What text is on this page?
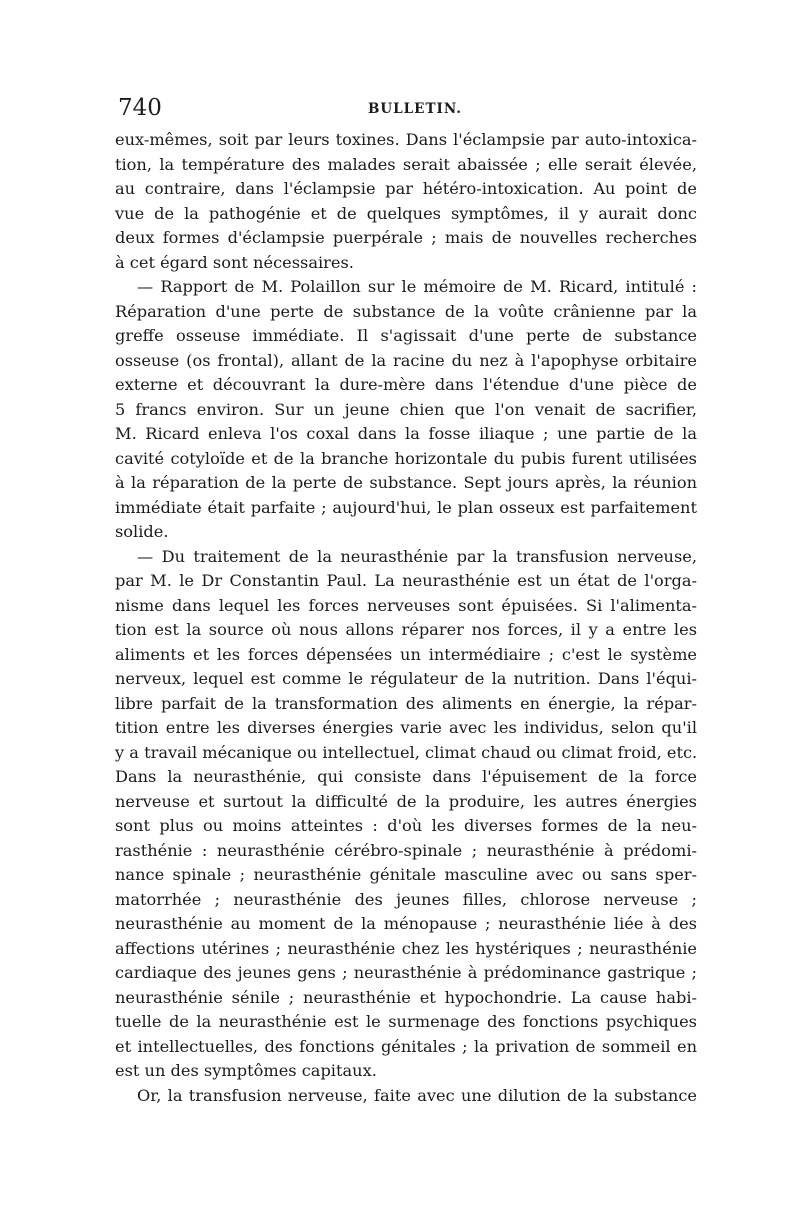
740	BULLETIN.
eux-mêmes, soit par leurs toxines. Dans l'éclampsie par auto-intoxica-
tion, la température des malades serait abaissée ; elle serait élevée,
au contraire, dans l'éclampsie par hétéro-intoxication. Au point de
vue de la pathogénie et de quelques symptômes, il y aurait donc
deux formes d'éclampsie puerpérale ; mais de nouvelles recherches
à cet égard sont nécessaires.
— Rapport de M. Polaillon sur le mémoire de M. Ricard, intitulé :
Réparation d'une perte de substance de la voûte crânienne par la
greffe osseuse immédiate. Il s'agissait d'une perte de substance
osseuse (os frontal), allant de la racine du nez à l'apophyse orbitaire
externe et découvrant la dure-mère dans l'étendue d'une pièce de
5 francs environ. Sur un jeune chien que l'on venait de sacrifier,
M. Ricard enleva l'os coxal dans la fosse iliaque ; une partie de la
cavité cotyloïde et de la branche horizontale du pubis furent utilisées
à la réparation de la perte de substance. Sept jours après, la réunion
immédiate était parfaite ; aujourd'hui, le plan osseux est parfaitement
solide.
— Du traitement de la neurasthénie par la transfusion nerveuse,
par M. le Dr Constantin Paul. La neurasthénie est un état de l'orga-
nisme dans lequel les forces nerveuses sont épuisées. Si l'alimenta-
tion est la source où nous allons réparer nos forces, il y a entre les
aliments et les forces dépensées un intermédiaire ; c'est le système
nerveux, lequel est comme le régulateur de la nutrition. Dans l'équi-
libre parfait de la transformation des aliments en énergie, la répar-
tition entre les diverses énergies varie avec les individus, selon qu'il
y a travail mécanique ou intellectuel, climat chaud ou climat froid, etc.
Dans la neurasthénie, qui consiste dans l'épuisement de la force
nerveuse et surtout la difficulté de la produire, les autres énergies
sont plus ou moins atteintes : d'où les diverses formes de la neu-
rasthénie : neurasthénie cérébro-spinale ; neurasthénie à prédomi-
nance spinale ; neurasthénie génitale masculine avec ou sans sper-
matorrhée ; neurasthénie des jeunes filles, chlorose nerveuse ;
neurasthénie au moment de la ménopause ; neurasthénie liée à des
affections utérines ; neurasthénie chez les hystériques ; neurasthénie
cardiaque des jeunes gens ; neurasthénie à prédominance gastrique ;
neurasthénie sénile ; neurasthénie et hypochondrie. La cause habi-
tuelle de la neurasthénie est le surmenage des fonctions psychiques
et intellectuelles, des fonctions génitales ; la privation de sommeil en
est un des symptômes capitaux.
Or, la transfusion nerveuse, faite avec une dilution de la substance
